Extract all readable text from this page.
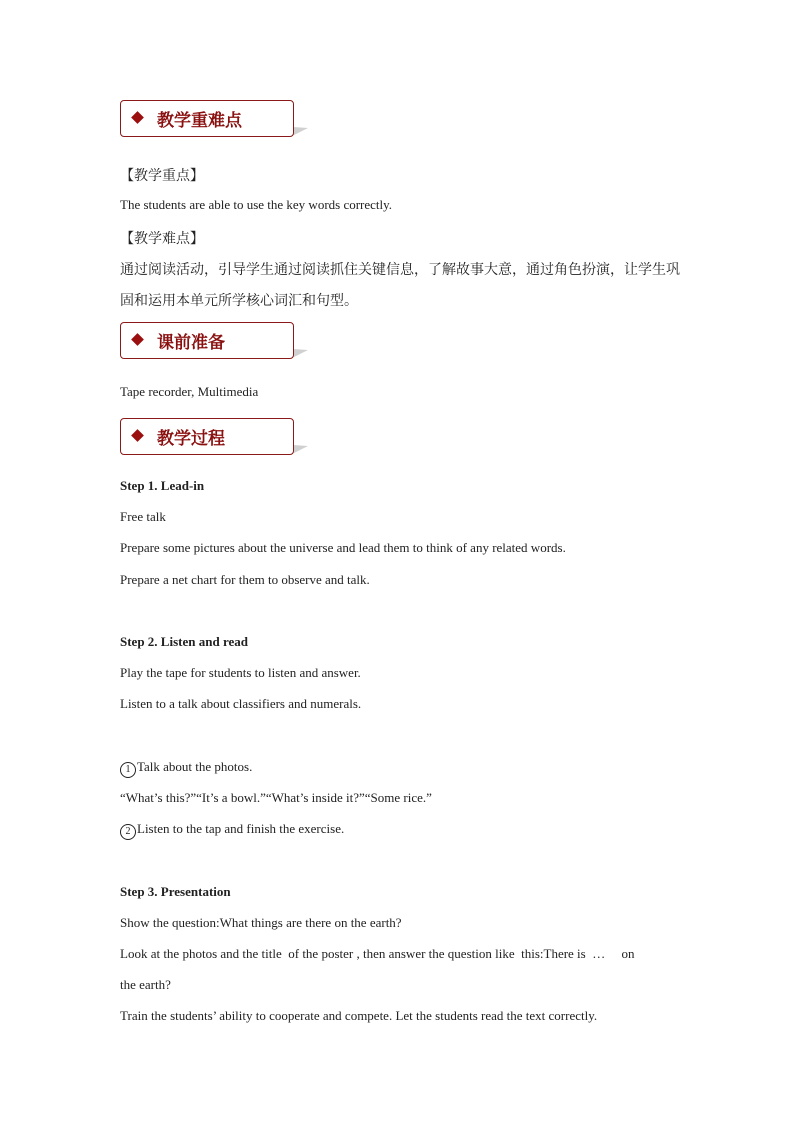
教学重难点
【教学重点】
The students are able to use the key words correctly.
【教学难点】
通过阅读活动，引导学生通过阅读抓住关键信息，了解故事大意，通过角色扮演，让学生巩
固和运用本单元所学核心词汇和句型。
课前准备
Tape recorder, Multimedia
教学过程
Step 1. Lead-in
Free talk
Prepare some pictures about the universe and lead them to think of any related words.
Prepare a net chart for them to observe and talk.
Step 2. Listen and read
Play the tape for students to listen and answer.
Listen to a talk about classifiers and numerals.
1 Talk about the photos.
“What’s this?”“It’s a bowl.”“What’s inside it?”“Some rice.”
2 Listen to the tap and finish the exercise.
Step 3. Presentation
Show the question:What things are there on the earth?
Look at the photos and the title  of the poster , then answer the question like  this:There is  …     on
the earth?
Train the students’ ability to cooperate and compete. Let the students read the text correctly.
